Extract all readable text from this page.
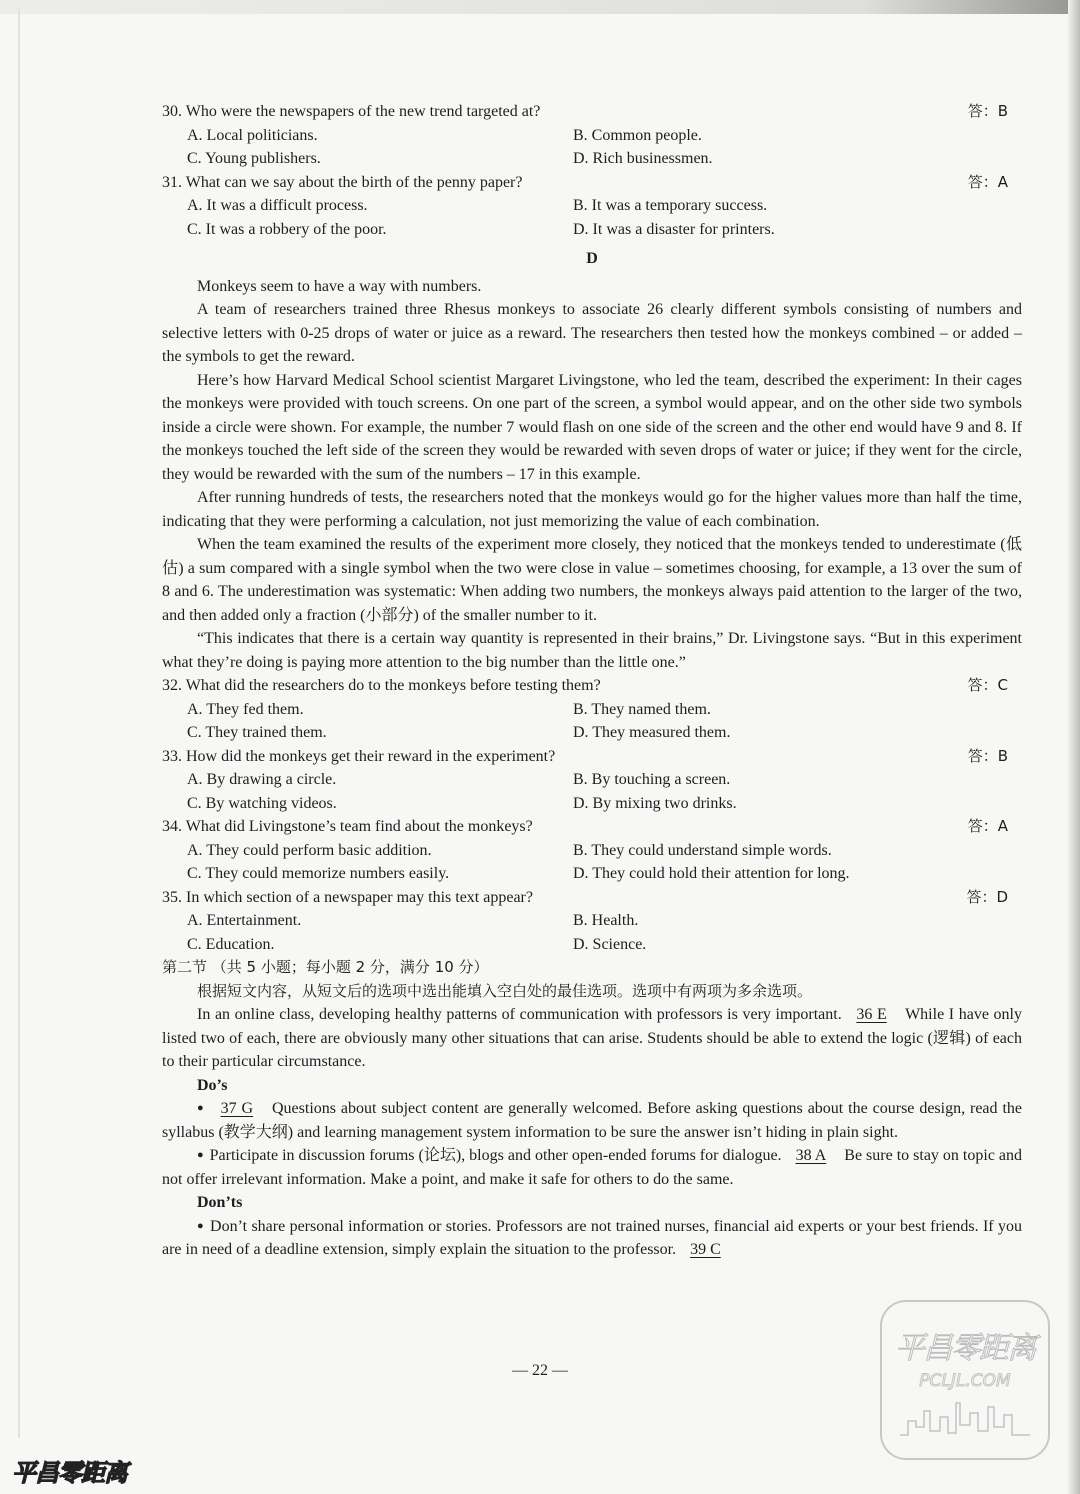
30. Who were the newspapers of the new trend targeted at?	答：B
A. Local politicians.	B. Common people.
C. Young publishers.	D. Rich businessmen.
31. What can we say about the birth of the penny paper?	答：A
A. It was a difficult process.	B. It was a temporary success.
C. It was a robbery of the poor.	D. It was a disaster for printers.
D

Monkeys seem to have a way with numbers.

A team of researchers trained three Rhesus monkeys to associate 26 clearly different symbols consisting of numbers and selective letters with 0-25 drops of water or juice as a reward. The researchers then tested how the monkeys combined – or added – the symbols to get the reward.

Here’s how Harvard Medical School scientist Margaret Livingstone, who led the team, described the experiment: In their cages the monkeys were provided with touch screens. On one part of the screen, a symbol would appear, and on the other side two symbols inside a circle were shown. For example, the number 7 would flash on one side of the screen and the other end would have 9 and 8. If the monkeys touched the left side of the screen they would be rewarded with seven drops of water or juice; if they went for the circle, they would be rewarded with the sum of the numbers – 17 in this example.

After running hundreds of tests, the researchers noted that the monkeys would go for the higher values more than half the time, indicating that they were performing a calculation, not just memorizing the value of each combination.

When the team examined the results of the experiment more closely, they noticed that the monkeys tended to underestimate (低估) a sum compared with a single symbol when the two were close in value – sometimes choosing, for example, a 13 over the sum of 8 and 6. The underestimation was systematic: When adding two numbers, the monkeys always paid attention to the larger of the two, and then added only a fraction (小部分) of the smaller number to it.

“This indicates that there is a certain way quantity is represented in their brains,” Dr. Livingstone says. “But in this experiment what they’re doing is paying more attention to the big number than the little one.”

32. What did the researchers do to the monkeys before testing them?	答：C
A. They fed them.	B. They named them.
C. They trained them.	D. They measured them.
33. How did the monkeys get their reward in the experiment?	答：B
A. By drawing a circle.	B. By touching a screen.
C. By watching videos.	D. By mixing two drinks.
34. What did Livingstone’s team find about the monkeys?	答：A
A. They could perform basic addition.	B. They could understand simple words.
C. They could memorize numbers easily.	D. They could hold their attention for long.
35. In which section of a newspaper may this text appear?	答：D
A. Entertainment.	B. Health.
C. Education.	D. Science.
第二节 （共 5 小题；每小题 2 分，满分 10 分）
根据短文内容，从短文后的选项中选出能填入空白处的最佳选项。选项中有两项为多余选项。

In an online class, developing healthy patterns of communication with professors is very important. 36 E While I have only listed two of each, there are obviously many other situations that can arise. Students should be able to extend the logic (逻辑) of each to their particular circumstance.

Do’s

● 37 G Questions about subject content are generally welcomed. Before asking questions about the course design, read the syllabus (教学大纲) and learning management system information to be sure the answer isn’t hiding in plain sight.

● Participate in discussion forums (论坛), blogs and other open-ended forums for dialogue. 38 A Be sure to stay on topic and not offer irrelevant information. Make a point, and make it safe for others to do the same.

Don’ts

● Don’t share personal information or stories. Professors are not trained nurses, financial aid experts or your best friends. If you are in need of a deadline extension, simply explain the situation to the professor. 39 C

— 22 —
平昌零距离
PCLJL.COM
平昌零距离
